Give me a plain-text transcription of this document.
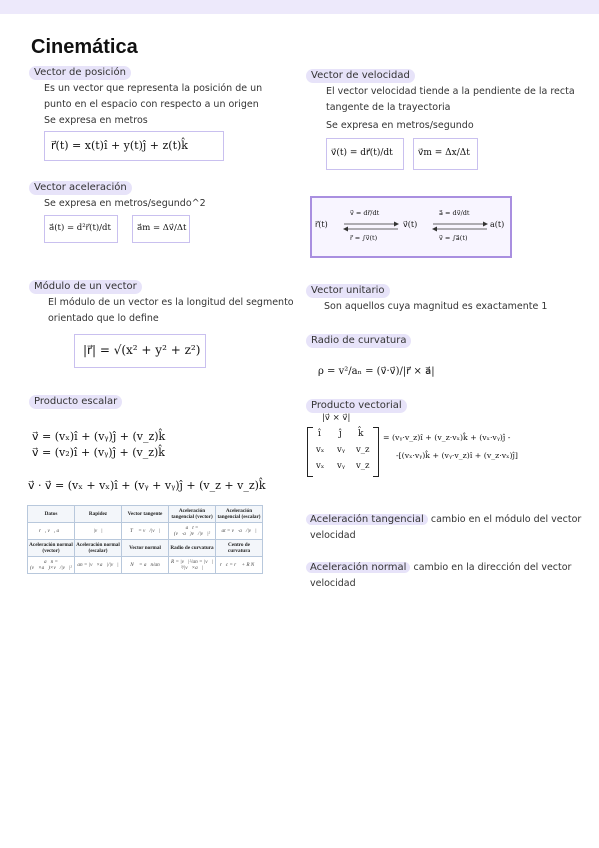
Cinemática
Vector de posición
Es un vector que representa la posición de un
punto en el espacio con respecto a un origen
Se expresa en metros
r⃗(t) = x(t)î + y(t)ĵ + z(t)k̂
Vector aceleración
Se expresa en metros/segundo^2
a⃗(t) = d²r⃗(t)/dt	a⃗m = Δv⃗/Δt
Módulo de un vector
El módulo de un vector es la longitud del segmento
orientado que lo define
|r⃗| = √(x² + y² + z²)
Producto escalar
v⃗ = (vₓ)î + (vᵧ)ĵ + (v_z)k̂
v⃗ = (v₂)î + (vᵧ)ĵ + (v_z)k̂
v⃗ · v⃗ = (vₓ + vₓ)î + (vᵧ + vᵧ)ĵ + (v_z + v_z)k̂
Datos	Rapidez	Vector tangente	Aceleración tangencial (vector)	Aceleración tangencial (escalar)
r⃗, v⃗, a⃗	|v⃗|	T⃗ = v⃗/|v⃗|	a⃗t = (v⃗·a⃗)v⃗/|v⃗|²	at = v⃗·a⃗/|v⃗|
Aceleración normal (vector)	Aceleración normal (escalar)	Vector normal	Radio de curvatura	Centro de curvatura
a⃗n = (v⃗×a⃗)×v⃗/|v⃗|²	an = |v⃗×a⃗|/|v⃗|	N⃗ = a⃗n/an	R = |v⃗|²/an = |v⃗|³/|v⃗×a⃗|	r⃗c = r⃗ + R N⃗
Vector de velocidad
El vector velocidad tiende a la pendiente de la recta
tangente de la trayectoria
Se expresa en metros/segundo
v⃗(t) = dr⃗(t)/dt	v⃗m = Δx/Δt
r⃗(t)
v⃗ = dr⃗/dt
r⃗ = ∫v⃗(t)
v⃗(t)
a⃗ = dv⃗/dt
v⃗ = ∫a⃗(t)
a(t)
Vector unitario
Son aquellos cuya magnitud es exactamente 1
Radio de curvatura
ρ = v²/aₙ = (v⃗·v⃗)/|r⃗ × a⃗|
Producto vectorial
|v⃗ × v⃗|
î ĵ k̂
vₓ vᵧ v_z
vₓ vᵧ v_z
= (vᵧ·v_z)î + (v_z·vₓ)k̂ + (vₓ·vᵧ)ĵ -
-[(vₓ·vᵧ)k̂ + (vᵧ·v_z)î + (v_z·vₓ)ĵ]
Aceleración tangencial cambio en el módulo del vector
velocidad
Aceleración normal cambio en la dirección del vector
velocidad
